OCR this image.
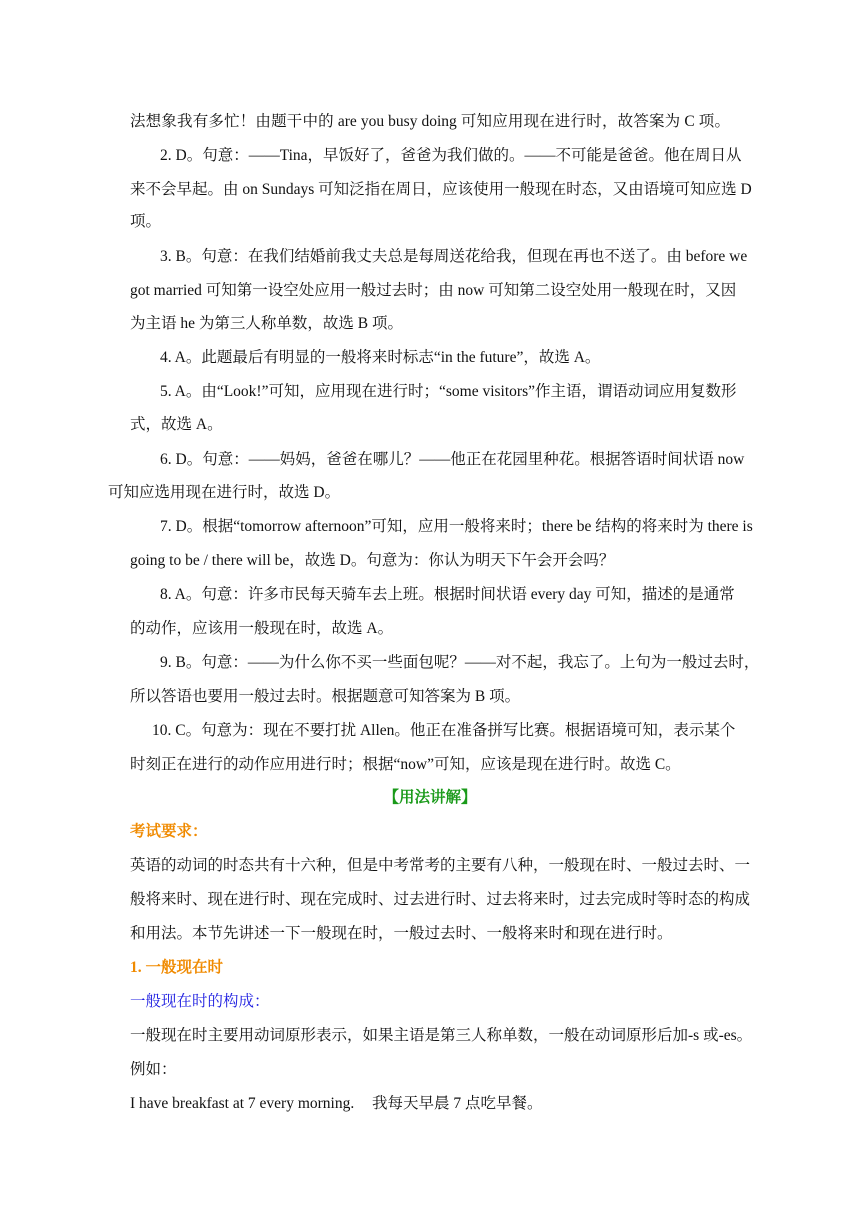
法想象我有多忙！由题干中的 are you busy doing 可知应用现在进行时，故答案为 C 项。
2. D。句意：——Tina，早饭好了，爸爸为我们做的。——不可能是爸爸。他在周日从
来不会早起。由 on Sundays 可知泛指在周日，应该使用一般现在时态，又由语境可知应选 D
项。
3. B。句意：在我们结婚前我丈夫总是每周送花给我，但现在再也不送了。由 before we
got married 可知第一设空处应用一般过去时；由 now 可知第二设空处用一般现在时，又因
为主语 he 为第三人称单数，故选 B 项。
4. A。此题最后有明显的一般将来时标志“in the future”，故选 A。
5. A。由“Look!”可知，应用现在进行时；“some visitors”作主语，谓语动词应用复数形
式，故选 A。
6. D。句意：——妈妈，爸爸在哪儿？——他正在花园里种花。根据答语时间状语 now
可知应选用现在进行时，故选 D。
7. D。根据“tomorrow afternoon”可知，应用一般将来时；there be 结构的将来时为 there is
going to be / there will be，故选 D。句意为：你认为明天下午会开会吗？
8. A。句意：许多市民每天骑车去上班。根据时间状语 every day 可知，描述的是通常
的动作，应该用一般现在时，故选 A。
9. B。句意：——为什么你不买一些面包呢？——对不起，我忘了。上句为一般过去时，
所以答语也要用一般过去时。根据题意可知答案为 B 项。
10. C。句意为：现在不要打扰 Allen。他正在准备拼写比赛。根据语境可知，表示某个
时刻正在进行的动作应用进行时；根据“now”可知，应该是现在进行时。故选 C。
【用法讲解】
考试要求：
英语的动词的时态共有十六种，但是中考常考的主要有八种，一般现在时、一般过去时、一
般将来时、现在进行时、现在完成时、过去进行时、过去将来时，过去完成时等时态的构成
和用法。本节先讲述一下一般现在时，一般过去时、一般将来时和现在进行时。
1. 一般现在时
一般现在时的构成：
一般现在时主要用动词原形表示，如果主语是第三人称单数，一般在动词原形后加-s 或-es。
例如：
I have breakfast at 7 every morning. 我每天早晨 7 点吃早餐。
